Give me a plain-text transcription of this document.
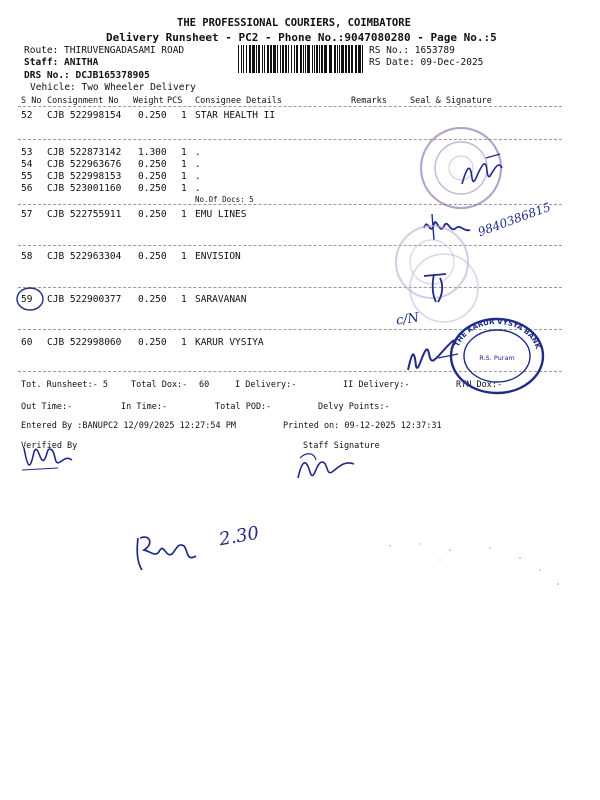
THE PROFESSIONAL COURIERS, COIMBATORE
Delivery Runsheet - PC2 - Phone No.:9047080280 - Page No.:5
Route: THIRUVENGADASAMI ROAD
Staff: ANITHA
DRS No.: DCJB165378905
Vehicle: Two Wheeler Delivery
RS No.: 1653789
RS Date: 09-Dec-2025
S No Consignment No Weight PCS Consignee Details	Remarks	Seal & Signature
52 CJB 522998154 0.250 1 STAR HEALTH II
53 CJB 522873142 1.300 1 .
54 CJB 522963676 0.250 1 .
55 CJB 522998153 0.250 1 .
56 CJB 523001160 0.250 1 .
No.Of Docs: 5
57 CJB 522755911 0.250 1 EMU LINES
58 CJB 522963304 0.250 1 ENVISION
59 CJB 522900377 0.250 1 SARAVANAN
60 CJB 522998060 0.250 1 KARUR VYSIYA
Tot. Runsheet:- 5	Total Dox:- 60	I Delivery:-	II Delivery:-	RTN Dox:-
Out Time:-	In Time:-	Total POD:-	Delvy Points:-
Entered By :BANUPC2 12/09/2025 12:27:54 PM	Printed on: 09-12-2025 12:37:31
Verified By	Staff Signature
9840386815
c/N
THE KARUR VYSYA BANK
R.S. Puram
2.30
